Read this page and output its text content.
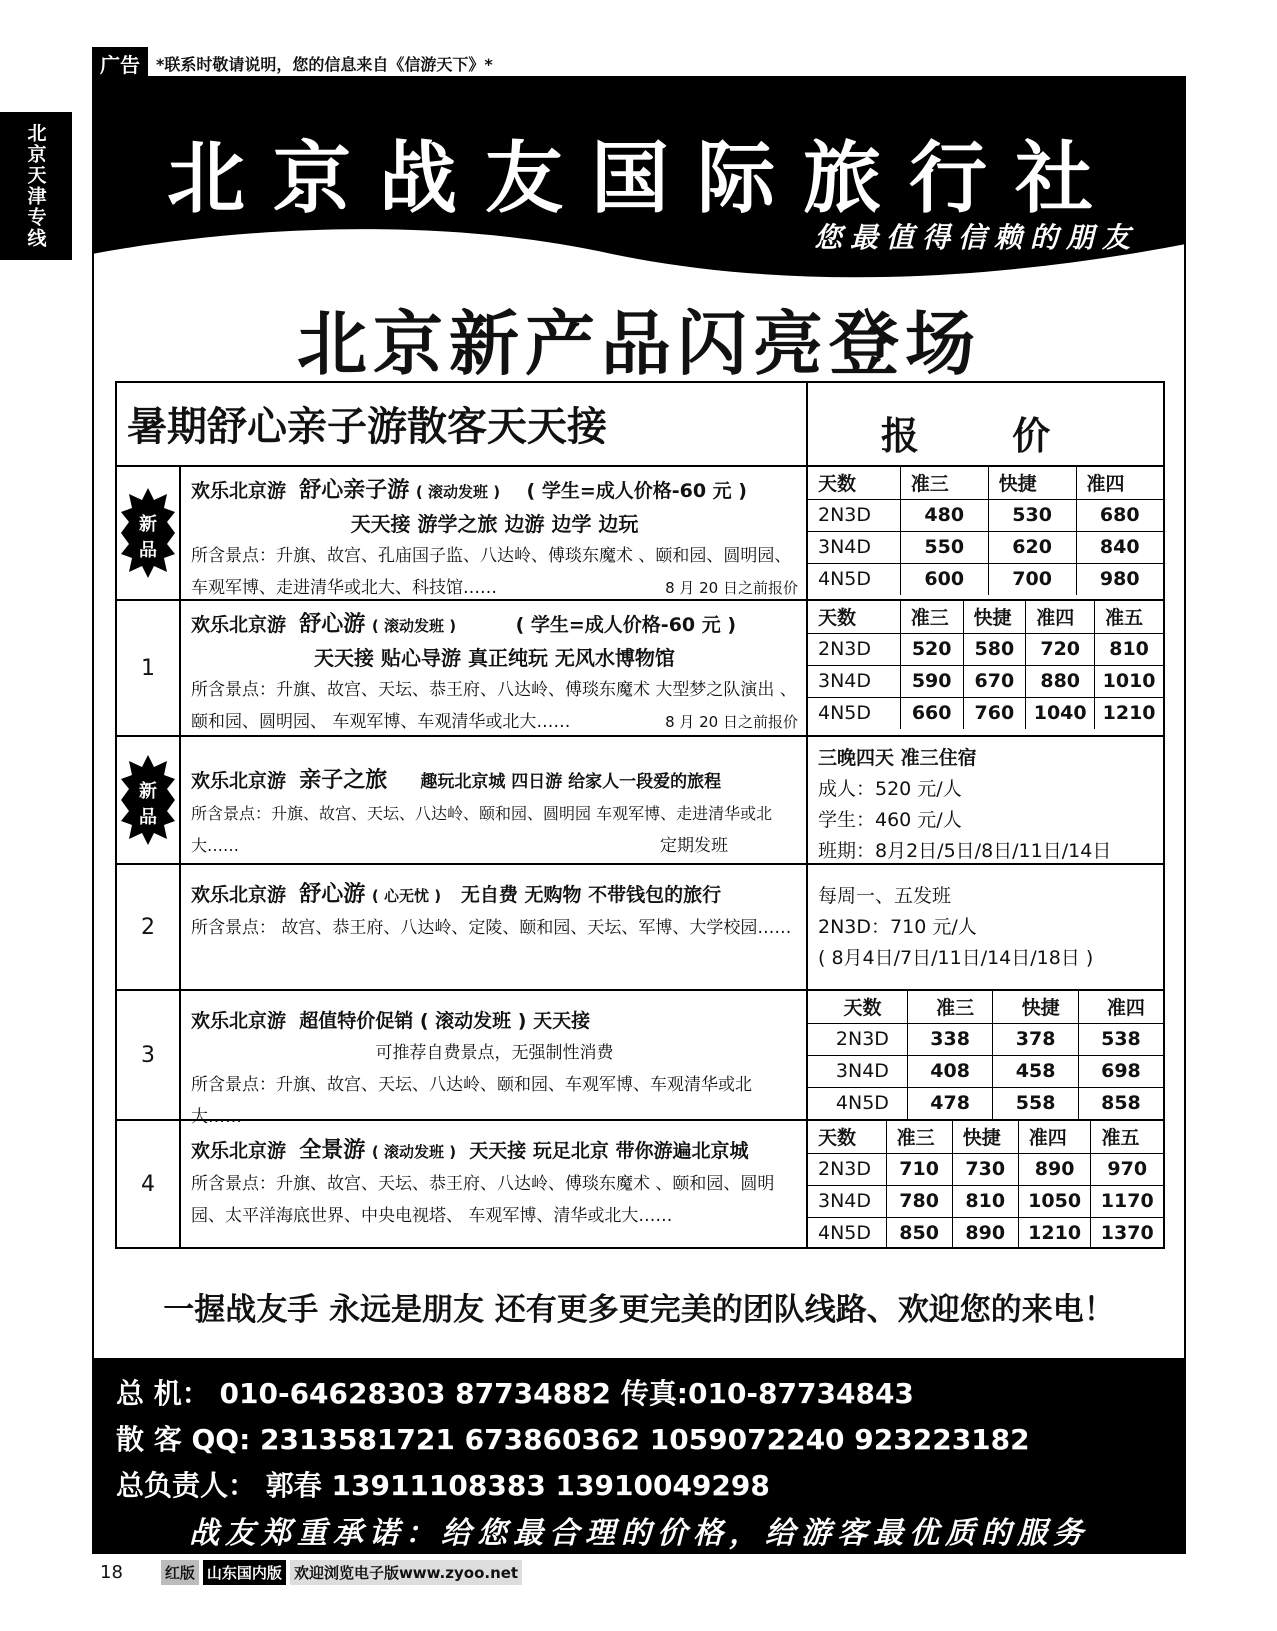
广告	*联系时敬请说明，您的信息来自《信游天下》*
北京天津专线	北京战友国际旅行社
您最值得信赖的朋友
北京新产品闪亮登场
暑期舒心亲子游散客天天接	报 价
新
品
欢乐北京游 舒心亲子游 ( 滚动发班 ) ( 学生=成人价格-60 元 )
天天接 游学之旅 边游 边学 边玩
所含景点：升旗、故宫、孔庙国子监、八达岭、傅琰东魔术 、颐和园、圆明园、 车观军博、走进清华或北大、科技馆……	8 月 20 日之前报价
天数	准三	快捷	准四
2N3D	480	530	680
3N4D	550	620	840
4N5D	600	700	980
1
欢乐北京游 舒心游 ( 滚动发班 )	( 学生=成人价格-60 元 )
天天接 贴心导游 真正纯玩 无风水博物馆
所含景点：升旗、故宫、天坛、恭王府、八达岭、傅琰东魔术 大型梦之队演出 、颐和园、圆明园、 车观军博、车观清华或北大……	8 月 20 日之前报价
天数	准三	快捷	准四	准五
2N3D	520	580	720	810
3N4D	590	670	880	1010
4N5D	660	760	1040	1210
新
品
欢乐北京游 亲子之旅 趣玩北京城 四日游 给家人一段爱的旅程
所含景点：升旗、故宫、天坛、八达岭、颐和园、圆明园 车观军博、走进清华或北大……	定期发班
三晚四天 准三住宿
成人：520 元/人
学生：460 元/人
班期：8月2日/5日/8日/11日/14日
2
欢乐北京游 舒心游 ( 心无忧 ) 无自费 无购物 不带钱包的旅行
所含景点： 故宫、恭王府、八达岭、定陵、颐和园、天坛、军博、大学校园……
每周一、五发班
2N3D：710 元/人
( 8月4日/7日/11日/14日/18日 )
3
欢乐北京游 超值特价促销 ( 滚动发班 ) 天天接
可推荐自费景点，无强制性消费
所含景点：升旗、故宫、天坛、八达岭、颐和园、车观军博、车观清华或北大……
天数	准三	快捷	准四
2N3D	338	378	538
3N4D	408	458	698
4N5D	478	558	858
4
欢乐北京游 全景游 ( 滚动发班 ) 天天接 玩足北京 带你游遍北京城
所含景点：升旗、故宫、天坛、恭王府、八达岭、傅琰东魔术 、颐和园、圆明园、太平洋海底世界、中央电视塔、 车观军博、清华或北大……
天数	准三	快捷	准四	准五
2N3D	710	730	890	970
3N4D	780	810	1050	1170
4N5D	850	890	1210	1370
一握战友手 永远是朋友 还有更多更完美的团队线路、欢迎您的来电！
总 机： 010-64628303 87734882 传真:010-87734843
散 客 QQ: 2313581721 673860362 1059072240 923223182
总负责人： 郭春 13911108383 13910049298
战友郑重承诺：给您最合理的价格，给游客最优质的服务
18	红版 山东国内版 欢迎浏览电子版www.zyoo.net
